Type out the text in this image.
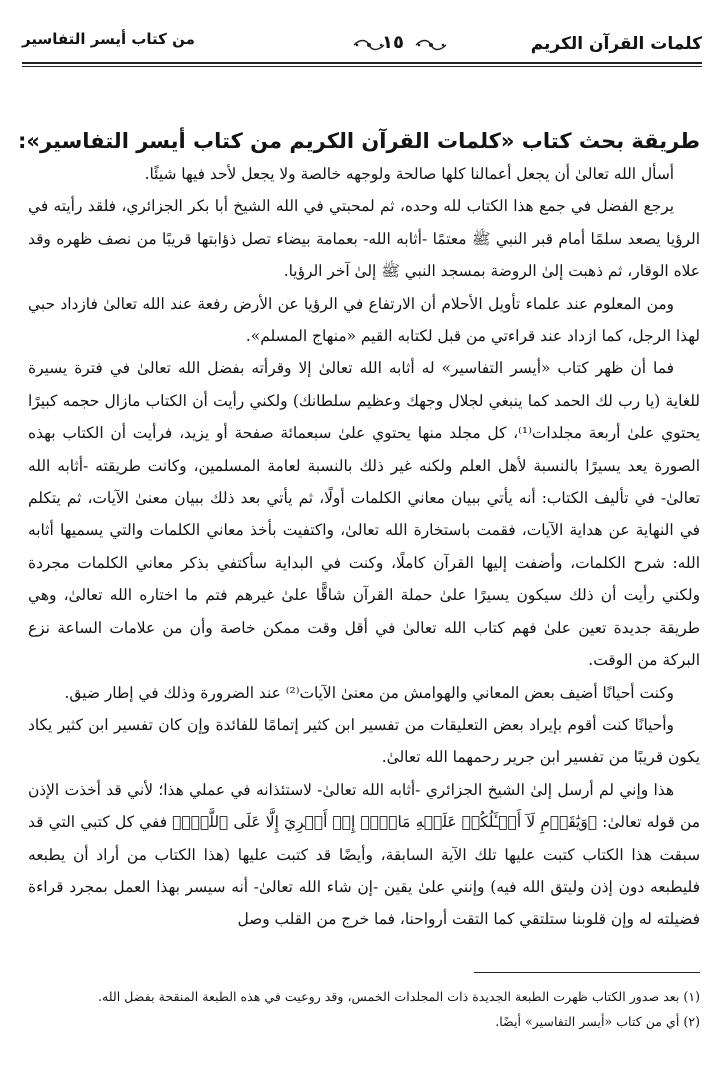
كلمات القرآن الكريم
١٥
من كتاب أيسر التفاسير
طريقة بحث كتاب «كلمات القرآن الكريم من كتاب أيسر التفاسير»:

أسأل الله تعالىٰ أن يجعل أعمالنا كلها صالحة ولوجهه خالصة ولا يجعل لأحد فيها شيئًا.

يرجع الفضل في جمع هذا الكتاب لله وحده، ثم لمحبتي في الله الشيخ أبا بكر الجزائري، فلقد رأيته في الرؤيا يصعد سلمًا أمام قبر النبي ﷺ معتمًا -أثابه الله- بعمامة بيضاء تصل ذؤابتها قريبًا من نصف ظهره وقد علاه الوقار، ثم ذهبت إلىٰ الروضة بمسجد النبي ﷺ إلىٰ آخر الرؤيا.

ومن المعلوم عند علماء تأويل الأحلام أن الارتفاع في الرؤيا عن الأرض رفعة عند الله تعالىٰ فازداد حبي لهذا الرجل، كما ازداد عند قراءتي من قبل لكتابه القيم «منهاج المسلم».

فما أن ظهر كتاب «أيسر التفاسير» له أثابه الله تعالىٰ إلا وقرأته بفضل الله تعالىٰ في فترة يسيرة للغاية (يا رب لك الحمد كما ينبغي لجلال وجهك وعظيم سلطانك) ولكني رأيت أن الكتاب مازال حجمه كبيرًا يحتوي علىٰ أربعة مجلدات⁽¹⁾، كل مجلد منها يحتوي علىٰ سبعمائة صفحة أو يزيد، فرأيت أن الكتاب بهذه الصورة يعد يسيرًا بالنسبة لأهل العلم ولكنه غير ذلك بالنسبة لعامة المسلمين، وكانت طريقته -أثابه الله تعالىٰ- في تأليف الكتاب: أنه يأتي ببيان معاني الكلمات أولًا، ثم يأتي بعد ذلك ببيان معنىٰ الآيات، ثم يتكلم في النهاية عن هداية الآيات، فقمت باستخارة الله تعالىٰ، واكتفيت بأخذ معاني الكلمات والتي يسميها أثابه الله: شرح الكلمات، وأضفت إليها القرآن كاملًا، وكنت في البداية سأكتفي بذكر معاني الكلمات مجردة ولكني رأيت أن ذلك سيكون يسيرًا علىٰ حملة القرآن شاقًّا علىٰ غيرهم فتم ما اختاره الله تعالىٰ، وهي طريقة جديدة تعين علىٰ فهم كتاب الله تعالىٰ في أقل وقت ممكن خاصة وأن من علامات الساعة نزع البركة من الوقت.

وكنت أحيانًا أضيف بعض المعاني والهوامش من معنىٰ الآيات⁽²⁾ عند الضرورة وذلك في إطار ضيق.

وأحيانًا كنت أقوم بإيراد بعض التعليقات من تفسير ابن كثير إتمامًا للفائدة وإن كان تفسير ابن كثير يكاد يكون قريبًا من تفسير ابن جرير رحمهما الله تعالىٰ.

هذا وإني لم أرسل إلىٰ الشيخ الجزائري -أثابه الله تعالىٰ- لاستئذانه في عملي هذا؛ لأني قد أخذت الإذن من قوله تعالىٰ: ﴿وَيَٰقَوۡمِ لَآ أَسۡـَٔلُكُمۡ عَلَيۡهِ مَالًاۖ إِنۡ أَجۡرِيَ إِلَّا عَلَى ٱللَّهِۚ﴾ ففي كل كتبي التي قد سبقت هذا الكتاب كتبت عليها تلك الآية السابقة، وأيضًا قد كتبت عليها (هذا الكتاب من أراد أن يطبعه فليطبعه دون إذن وليتق الله فيه) وإنني علىٰ يقين -إن شاء الله تعالىٰ- أنه سيسر بهذا العمل بمجرد قراءة فضيلته له وإن قلوبنا ستلتقي كما التقت أرواحنا، فما خرج من القلب وصل

(١) بعد صدور الكتاب ظهرت الطبعة الجديدة ذات المجلدات الخمس، وقد روعيت في هذه الطبعة المنقحة بفضل الله.

(٢) أي من كتاب «أيسر التفاسير» أيضًا.
